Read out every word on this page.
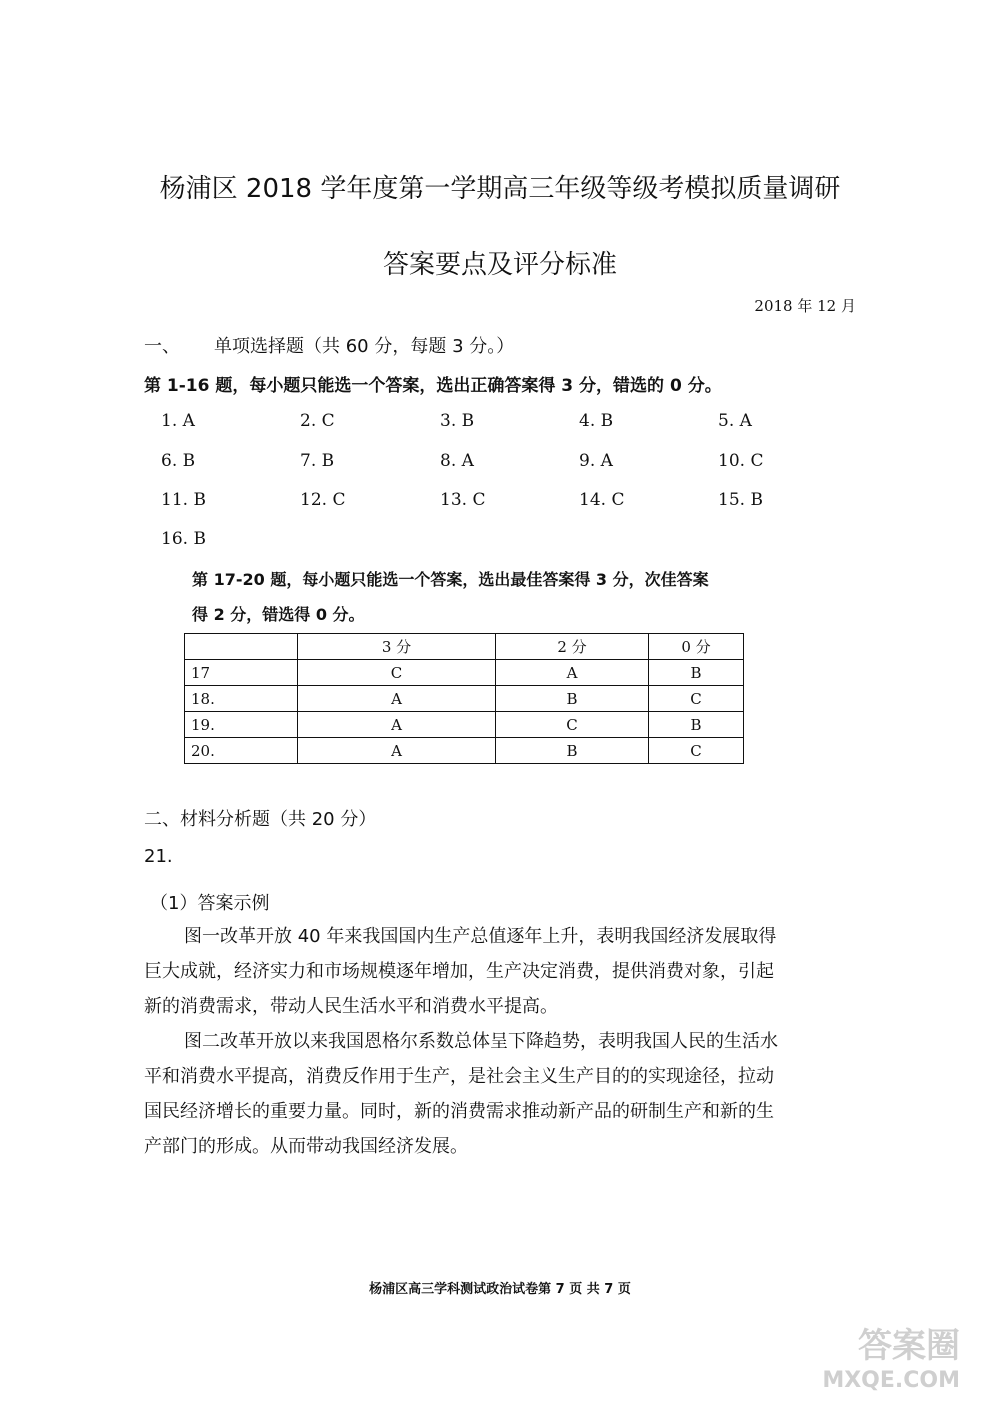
杨浦区 2018 学年度第一学期高三年级等级考模拟质量调研
答案要点及评分标准
2018 年 12 月
一、 单项选择题（共 60 分，每题 3 分。）
第 1-16 题，每小题只能选一个答案，选出正确答案得 3 分，错选的 0 分。
1. A	2. C	3. B	4. B	5. A
6. B	7. B	8. A	9. A	10. C
11. B	12. C	13. C	14. C	15. B
16. B
第 17-20 题，每小题只能选一个答案，选出最佳答案得 3 分，次佳答案
得 2 分，错选得 0 分。
	3 分	2 分	0 分
17	C	A	B
18.	A	B	C
19.	A	C	B
20.	A	B	C
二、材料分析题（共 20 分）
21.
（1）答案示例
图一改革开放 40 年来我国国内生产总值逐年上升，表明我国经济发展取得
巨大成就，经济实力和市场规模逐年增加，生产决定消费，提供消费对象，引起
新的消费需求，带动人民生活水平和消费水平提高。
图二改革开放以来我国恩格尔系数总体呈下降趋势，表明我国人民的生活水
平和消费水平提高，消费反作用于生产，是社会主义生产目的的实现途径，拉动
国民经济增长的重要力量。同时，新的消费需求推动新产品的研制生产和新的生
产部门的形成。从而带动我国经济发展。
杨浦区高三学科测试政治试卷第 7 页 共 7 页
答案圈
MXQE.COM
